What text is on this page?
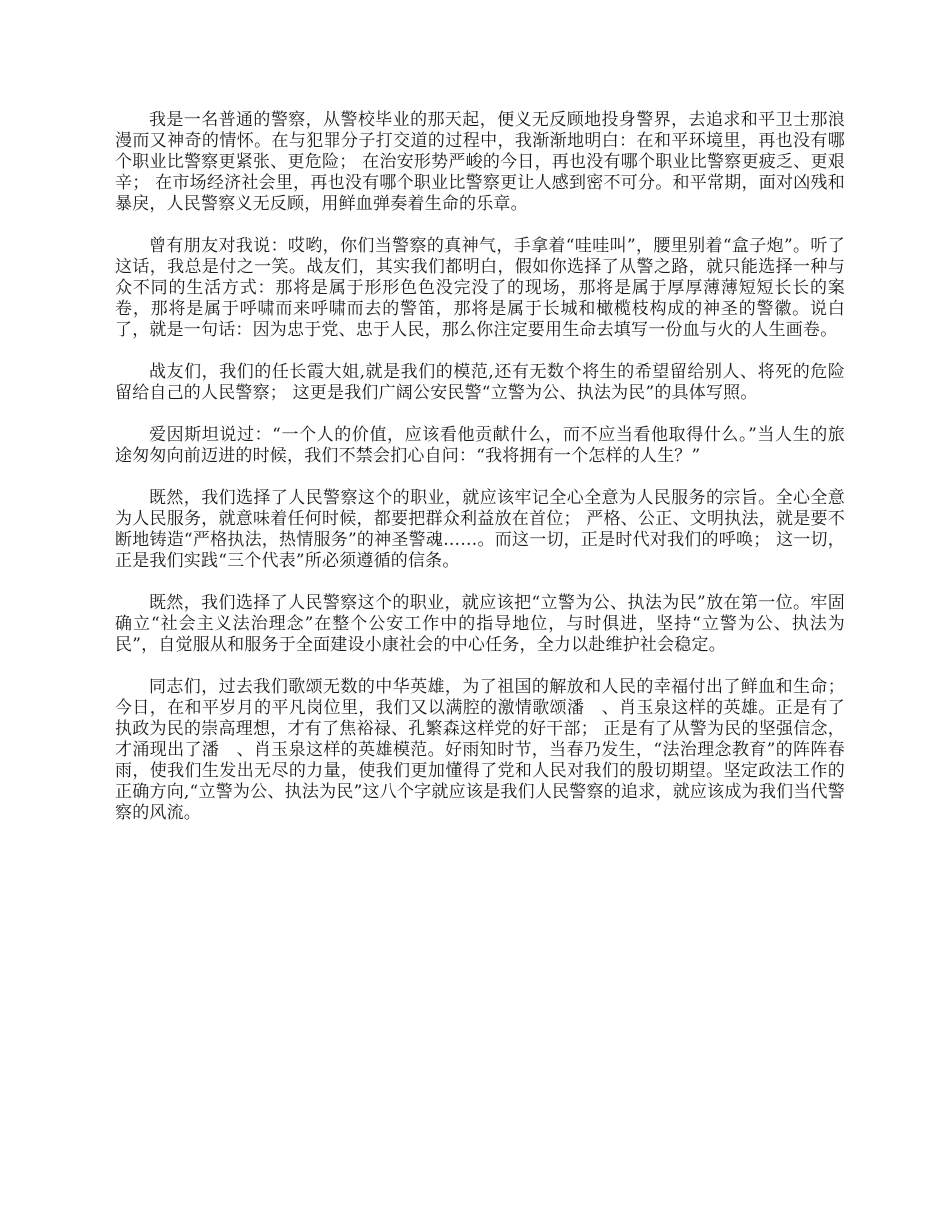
我是一名普通的警察，从警校毕业的那天起，便义无反顾地投身警界，去追求和平卫士那浪漫而又神奇的情怀。在与犯罪分子打交道的过程中，我渐渐地明白：在和平环境里，再也没有哪个职业比警察更紧张、更危险； 在治安形势严峻的今日，再也没有哪个职业比警察更疲乏、更艰辛； 在市场经济社会里，再也没有哪个职业比警察更让人感到密不可分。和平常期，面对凶残和暴戾，人民警察义无反顾，用鲜血弹奏着生命的乐章。

曾有朋友对我说：哎哟，你们当警察的真神气，手拿着“哇哇叫”，腰里别着“盒子炮”。听了这话，我总是付之一笑。战友们，其实我们都明白，假如你选择了从警之路，就只能选择一种与众不同的生活方式：那将是属于形形色色没完没了的现场，那将是属于厚厚薄薄短短长长的案卷，那将是属于呼啸而来呼啸而去的警笛，那将是属于长城和橄榄枝构成的神圣的警徽。说白了，就是一句话：因为忠于党、忠于人民，那么你注定要用生命去填写一份血与火的人生画卷。

战友们，我们的任长霞大姐,就是我们的模范,还有无数个将生的希望留给别人、将死的危险留给自己的人民警察； 这更是我们广阔公安民警“立警为公、执法为民”的具体写照。

爱因斯坦说过：“一个人的价值，应该看他贡献什么，而不应当看他取得什么。”当人生的旅途匆匆向前迈进的时候，我们不禁会扪心自问：“我将拥有一个怎样的人生？”

既然，我们选择了人民警察这个的职业，就应该牢记全心全意为人民服务的宗旨。全心全意为人民服务，就意味着任何时候，都要把群众利益放在首位； 严格、公正、文明执法，就是要不断地铸造“严格执法，热情服务”的神圣警魂……。而这一切，正是时代对我们的呼唤； 这一切，正是我们实践“三个代表”所必须遵循的信条。

既然，我们选择了人民警察这个的职业，就应该把“立警为公、执法为民”放在第一位。牢固确立“社会主义法治理念”在整个公安工作中的指导地位，与时俱进，坚持“立警为公、执法为民”，自觉服从和服务于全面建设小康社会的中心任务，全力以赴维护社会稳定。

同志们，过去我们歌颂无数的中华英雄，为了祖国的解放和人民的幸福付出了鲜血和生命； 今日，在和平岁月的平凡岗位里，我们又以满腔的激情歌颂潘　、肖玉泉这样的英雄。正是有了执政为民的崇高理想，才有了焦裕禄、孔繁森这样党的好干部； 正是有了从警为民的坚强信念，才涌现出了潘　、肖玉泉这样的英雄模范。好雨知时节，当春乃发生，“法治理念教育”的阵阵春雨，使我们生发出无尽的力量，使我们更加懂得了党和人民对我们的殷切期望。坚定政法工作的正确方向,“立警为公、执法为民”这八个字就应该是我们人民警察的追求，就应该成为我们当代警察的风流。
